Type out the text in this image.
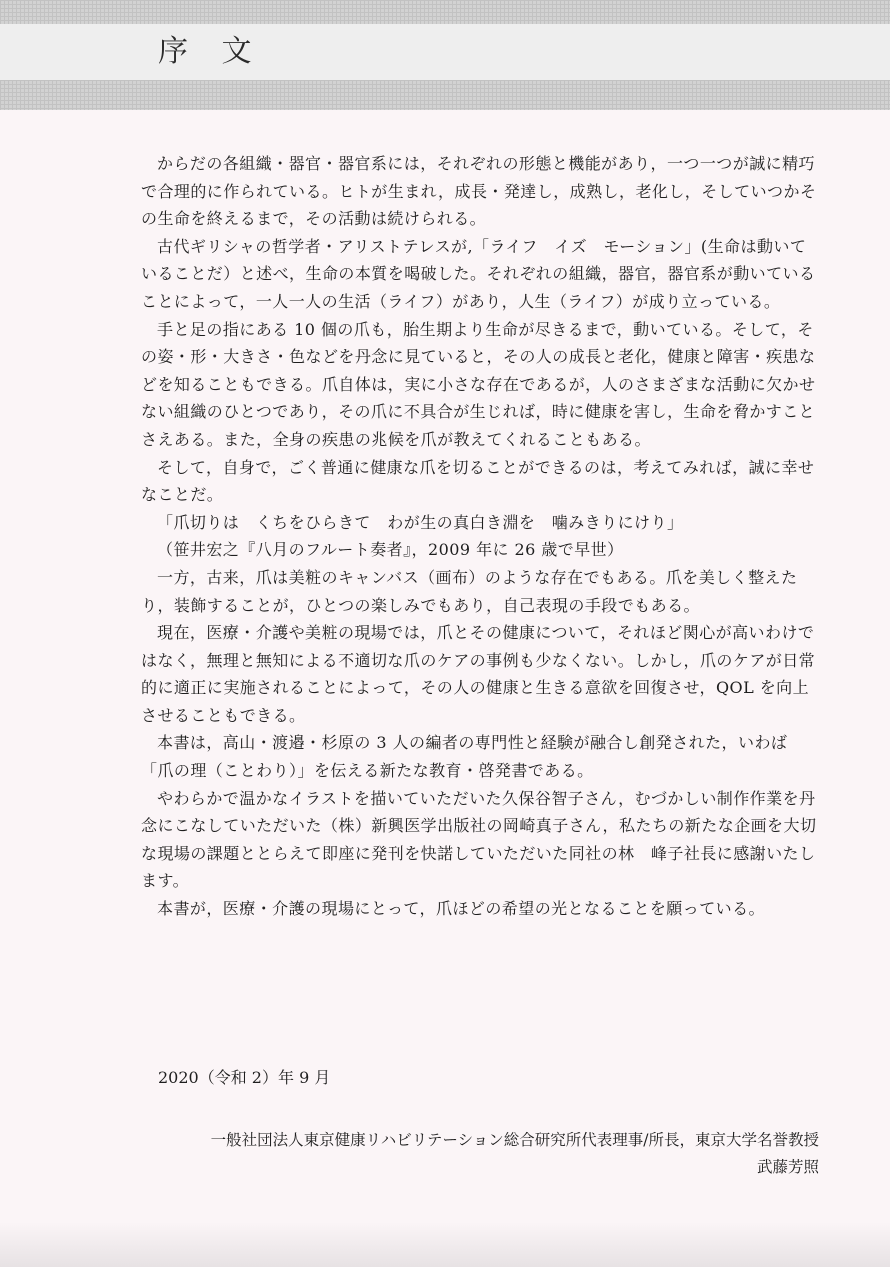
序 文

からだの各組織・器官・器官系には，それぞれの形態と機能があり，一つ一つが誠に精巧で合理的に作られている。ヒトが生まれ，成長・発達し，成熟し，老化し，そしていつかその生命を終えるまで，その活動は続けられる。

古代ギリシャの哲学者・アリストテレスが,「ライフ　イズ　モーション」(生命は動いていることだ）と述べ，生命の本質を喝破した。それぞれの組織，器官，器官系が動いていることによって，一人一人の生活（ライフ）があり，人生（ライフ）が成り立っている。

手と足の指にある 10 個の爪も，胎生期より生命が尽きるまで，動いている。そして，その姿・形・大きさ・色などを丹念に見ていると，その人の成長と老化，健康と障害・疾患などを知ることもできる。爪自体は，実に小さな存在であるが，人のさまざまな活動に欠かせない組織のひとつであり，その爪に不具合が生じれば，時に健康を害し，生命を脅かすことさえある。また，全身の疾患の兆候を爪が教えてくれることもある。

そして，自身で，ごく普通に健康な爪を切ることができるのは，考えてみれば，誠に幸せなことだ。

「爪切りは　くちをひらきて　わが生の真白き淵を　噛みきりにけり」

（笹井宏之『八月のフルート奏者』，2009 年に 26 歳で早世）

一方，古来，爪は美粧のキャンバス（画布）のような存在でもある。爪を美しく整えたり，装飾することが，ひとつの楽しみでもあり，自己表現の手段でもある。

現在，医療・介護や美粧の現場では，爪とその健康について，それほど関心が高いわけではなく，無理と無知による不適切な爪のケアの事例も少なくない。しかし，爪のケアが日常的に適正に実施されることによって，その人の健康と生きる意欲を回復させ，QOL を向上させることもできる。

本書は，高山・渡邉・杉原の 3 人の編者の専門性と経験が融合し創発された，いわば「爪の理（ことわり）」を伝える新たな教育・啓発書である。

やわらかで温かなイラストを描いていただいた久保谷智子さん，むづかしい制作作業を丹念にこなしていただいた（株）新興医学出版社の岡崎真子さん，私たちの新たな企画を大切な現場の課題ととらえて即座に発刊を快諾していただいた同社の林　峰子社長に感謝いたします。

本書が，医療・介護の現場にとって，爪ほどの希望の光となることを願っている。

2020（令和 2）年 9 月

一般社団法人東京健康リハビリテーション総合研究所代表理事/所長，東京大学名誉教授

武藤芳照
